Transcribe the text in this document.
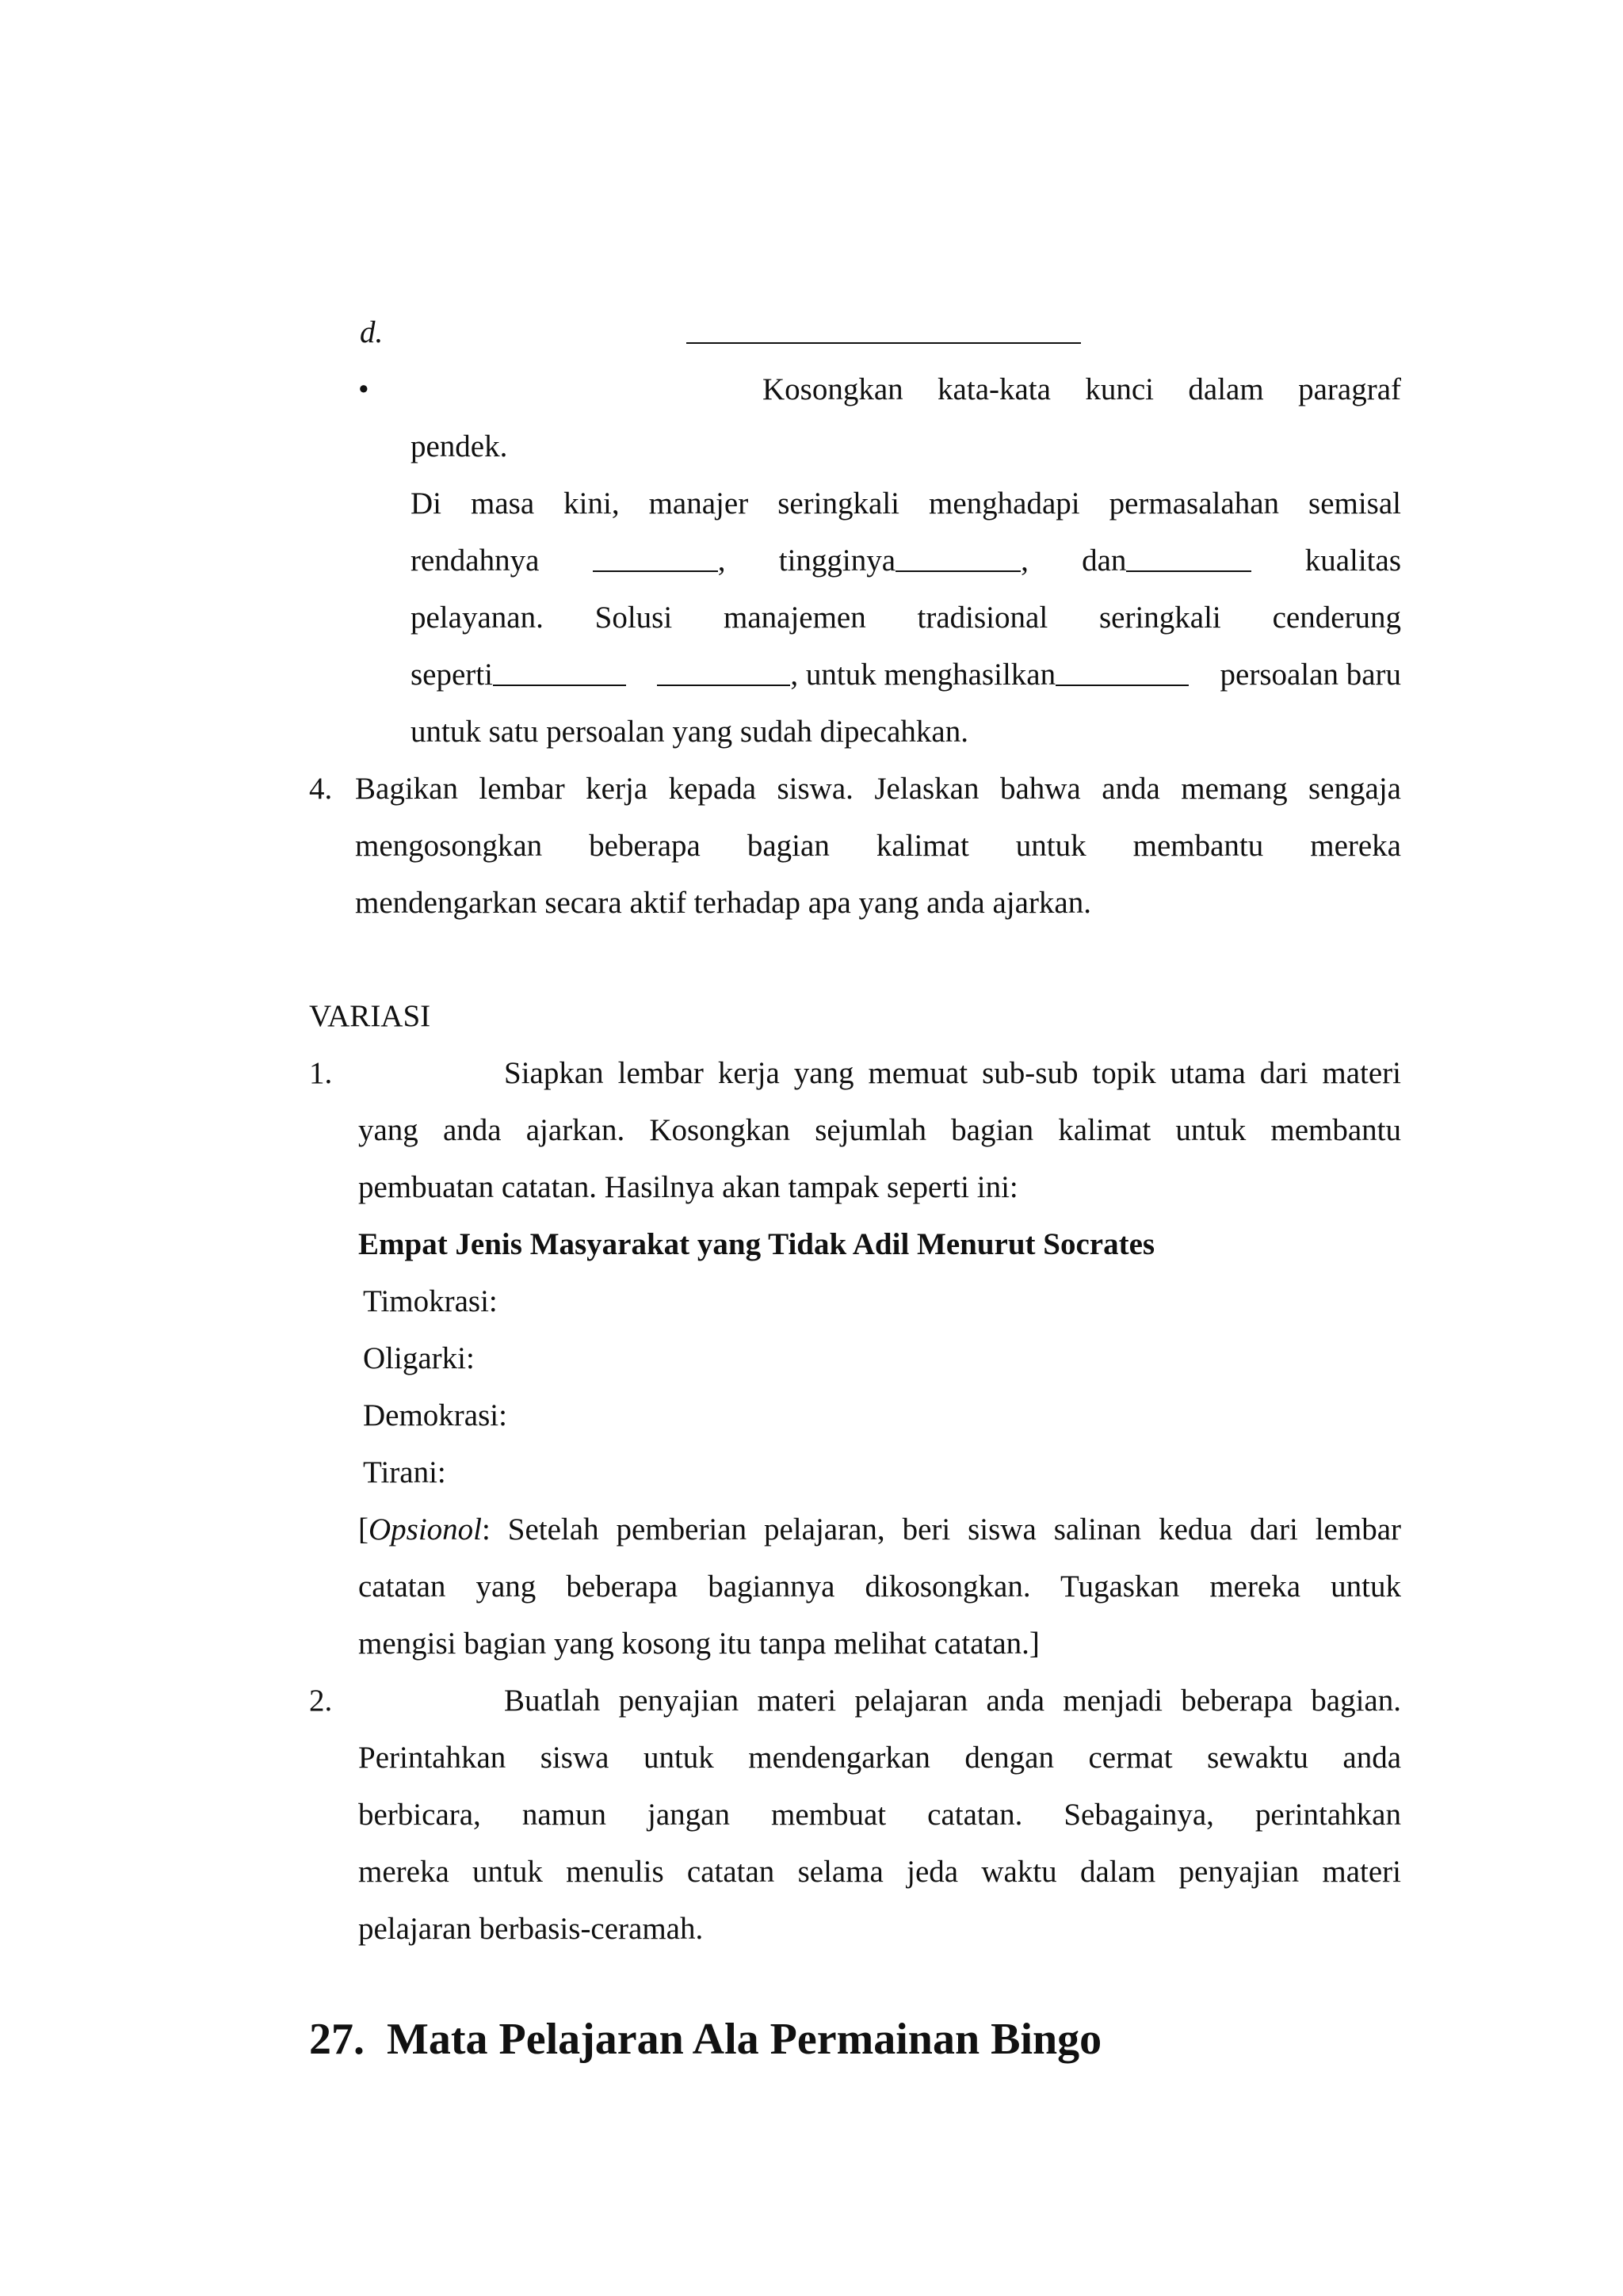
d.
•	Kosongkan kata-kata kunci dalam paragraf
pendek.
Di masa kini, manajer seringkali menghadapi permasalahan semisal
rendahnya	, tingginya	, dan	kualitas
pelayanan. Solusi manajemen tradisional seringkali cenderung
seperti	, untuk menghasilkan	persoalan baru
untuk satu persoalan yang sudah dipecahkan.
4. Bagikan lembar kerja kepada siswa. Jelaskan bahwa anda memang sengaja
mengosongkan beberapa bagian kalimat untuk membantu mereka
mendengarkan secara aktif terhadap apa yang anda ajarkan.
VARIASI
1.	Siapkan lembar kerja yang memuat sub-sub topik utama dari materi
yang anda ajarkan. Kosongkan sejumlah bagian kalimat untuk membantu
pembuatan catatan. Hasilnya akan tampak seperti ini:
Empat Jenis Masyarakat yang Tidak Adil Menurut Socrates
Timokrasi:
Oligarki:
Demokrasi:
Tirani:
[Opsionol: Setelah pemberian pelajaran, beri siswa salinan kedua dari lembar
catatan yang beberapa bagiannya dikosongkan. Tugaskan mereka untuk
mengisi bagian yang kosong itu tanpa melihat catatan.]
2.	Buatlah penyajian materi pelajaran anda menjadi beberapa bagian.
Perintahkan siswa untuk mendengarkan dengan cermat sewaktu anda
berbicara, namun jangan membuat catatan. Sebagainya, perintahkan
mereka untuk menulis catatan selama jeda waktu dalam penyajian materi
pelajaran berbasis-ceramah.
27. Mata Pelajaran Ala Permainan Bingo
